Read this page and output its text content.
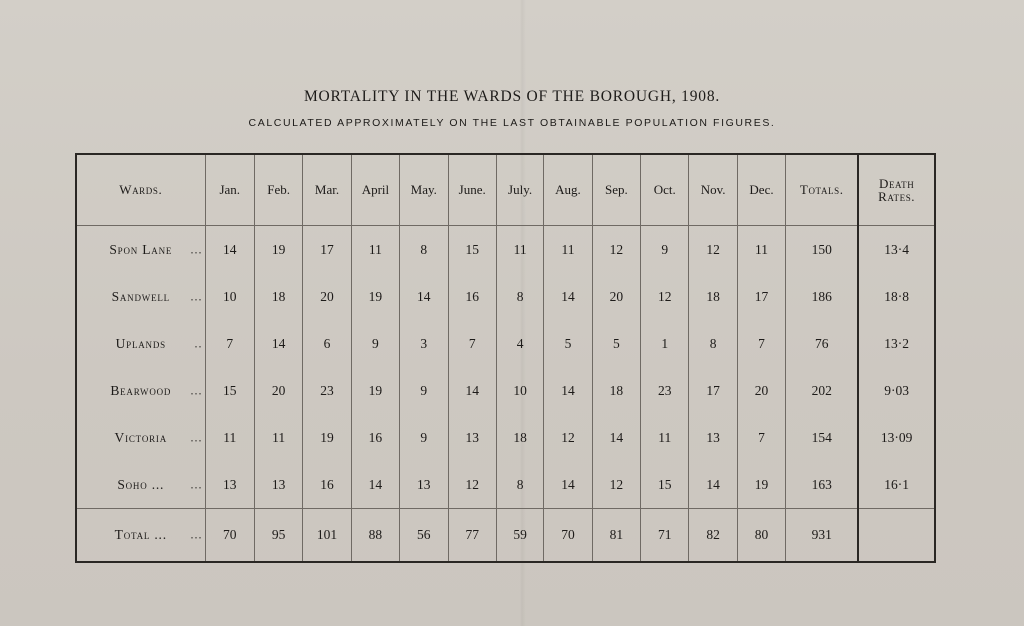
MORTALITY IN THE WARDS OF THE BOROUGH, 1908.
CALCULATED APPROXIMATELY ON THE LAST OBTAINABLE POPULATION FIGURES.
Wards.	Jan.	Feb.	Mar.	April	May.	June.	July.	Aug.	Sep.	Oct.	Nov.	Dec.	Totals.	Death
Rates.
Spon Lane ...	14	19	17	11	8	15	11	11	12	9	12	11	150	13·4
Sandwell ...	10	18	20	19	14	16	8	14	20	12	18	17	186	18·8
Uplands ..	7	14	6	9	3	7	4	5	5	1	8	7	76	13·2
Bearwood ...	15	20	23	19	9	14	10	14	18	23	17	20	202	9·03
Victoria ...	11	11	19	16	9	13	18	12	14	11	13	7	154	13·09
Soho ... ...	13	13	16	14	13	12	8	14	12	15	14	19	163	16·1
Total ... ...	70	95	101	88	56	77	59	70	81	71	82	80	931	
